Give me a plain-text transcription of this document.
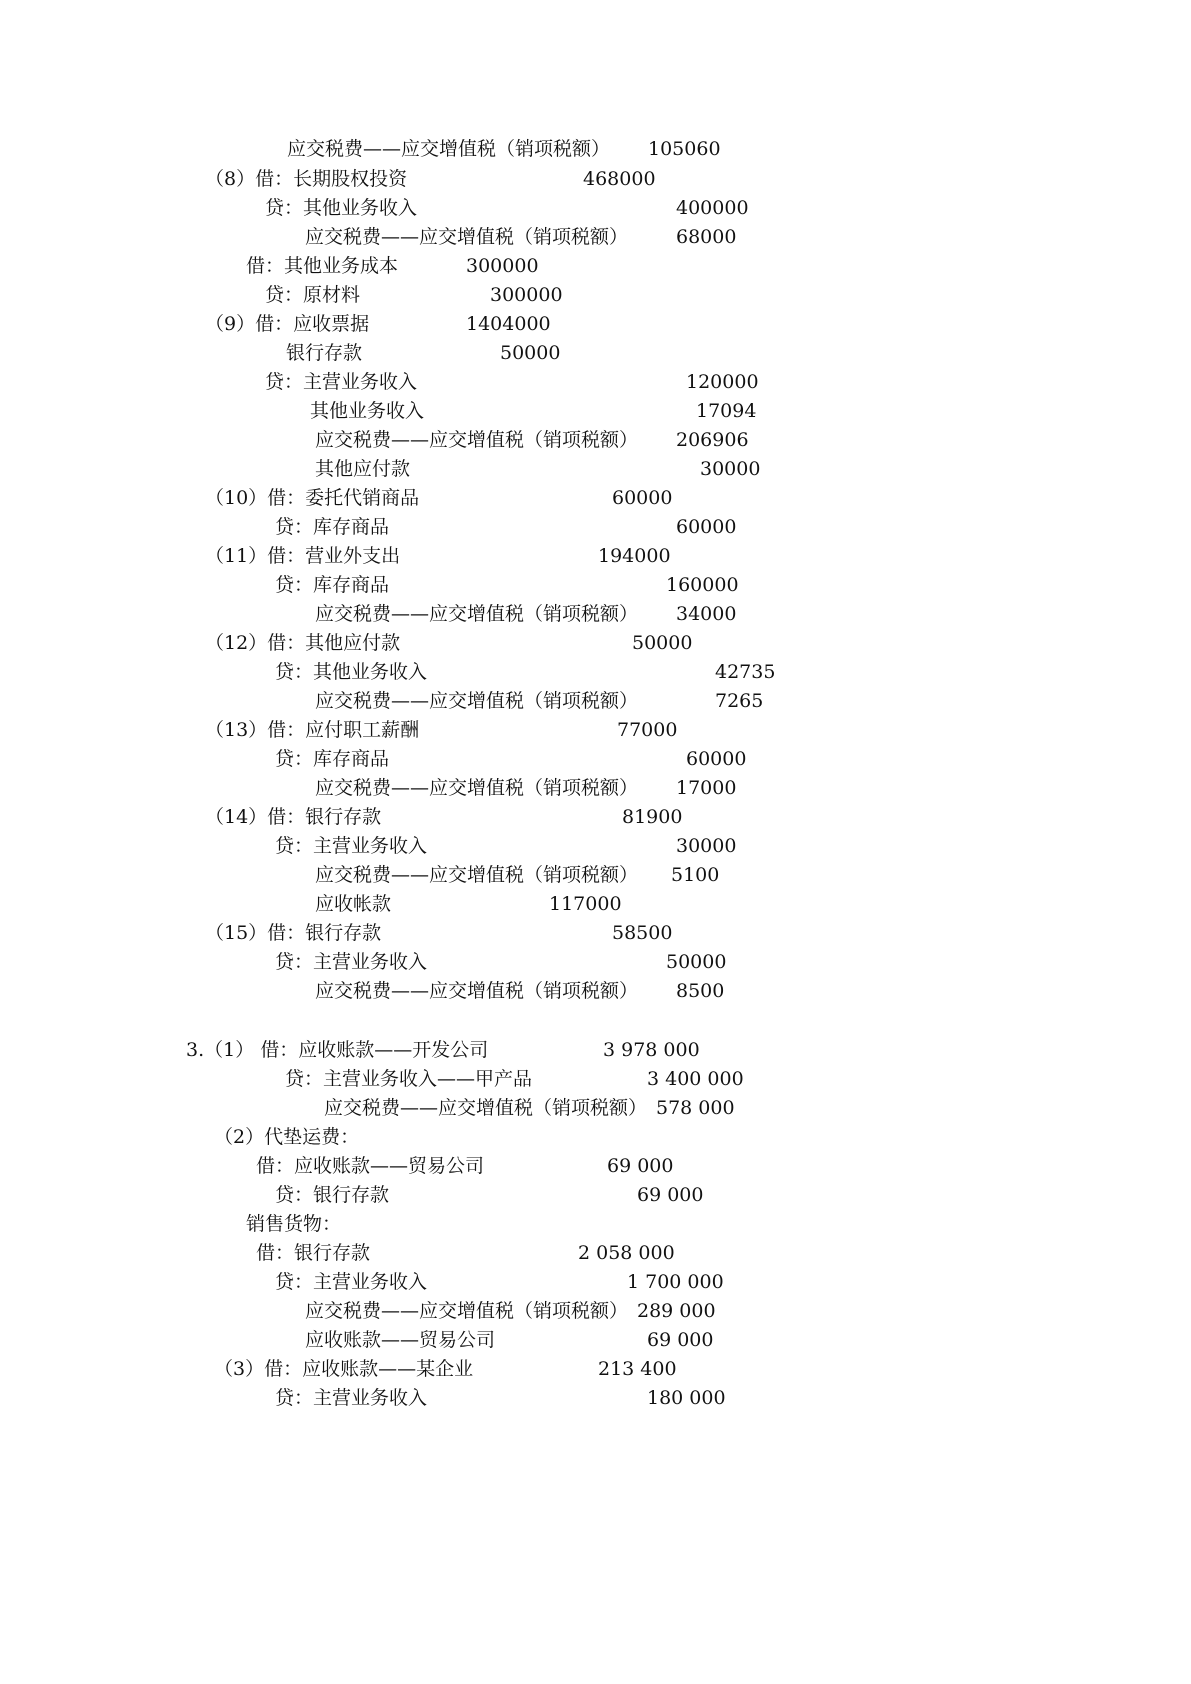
应交税费——应交增值税（销项税额） 105060
（8）借：长期股权投资	468000
贷：其他业务收入	400000
应交税费——应交增值税（销项税额）	68000
借：其他业务成本	300000
贷：原材料	300000
（9）借：应收票据	1404000
银行存款	50000
贷：主营业务收入	120000
其他业务收入	17094
应交税费——应交增值税（销项税额） 206906
其他应付款	30000
（10）借：委托代销商品	60000
贷：库存商品	60000
（11）借：营业外支出	194000
贷：库存商品	160000
应交税费——应交增值税（销项税额） 34000
（12）借：其他应付款	50000
贷：其他业务收入	42735
应交税费——应交增值税（销项税额）	7265
（13）借：应付职工薪酬	77000
贷：库存商品	60000
应交税费——应交增值税（销项税额） 17000
（14）借：银行存款	81900
贷：主营业务收入	30000
应交税费——应交增值税（销项税额） 5100
应收帐款	117000
（15）借：银行存款	58500
贷：主营业务收入	50000
应交税费——应交增值税（销项税额） 8500
3.（1） 借：应收账款——开发公司	3 978 000
贷：主营业务收入——甲产品	3 400 000
应交税费——应交增值税（销项税额） 578 000
（2）代垫运费：
借：应收账款——贸易公司	69 000
贷：银行存款	69 000
销售货物：
借：银行存款	2 058 000
贷：主营业务收入	1 700 000
应交税费——应交增值税（销项税额） 289 000
应收账款——贸易公司	69 000
（3）借：应收账款——某企业	213 400
贷：主营业务收入	180 000
